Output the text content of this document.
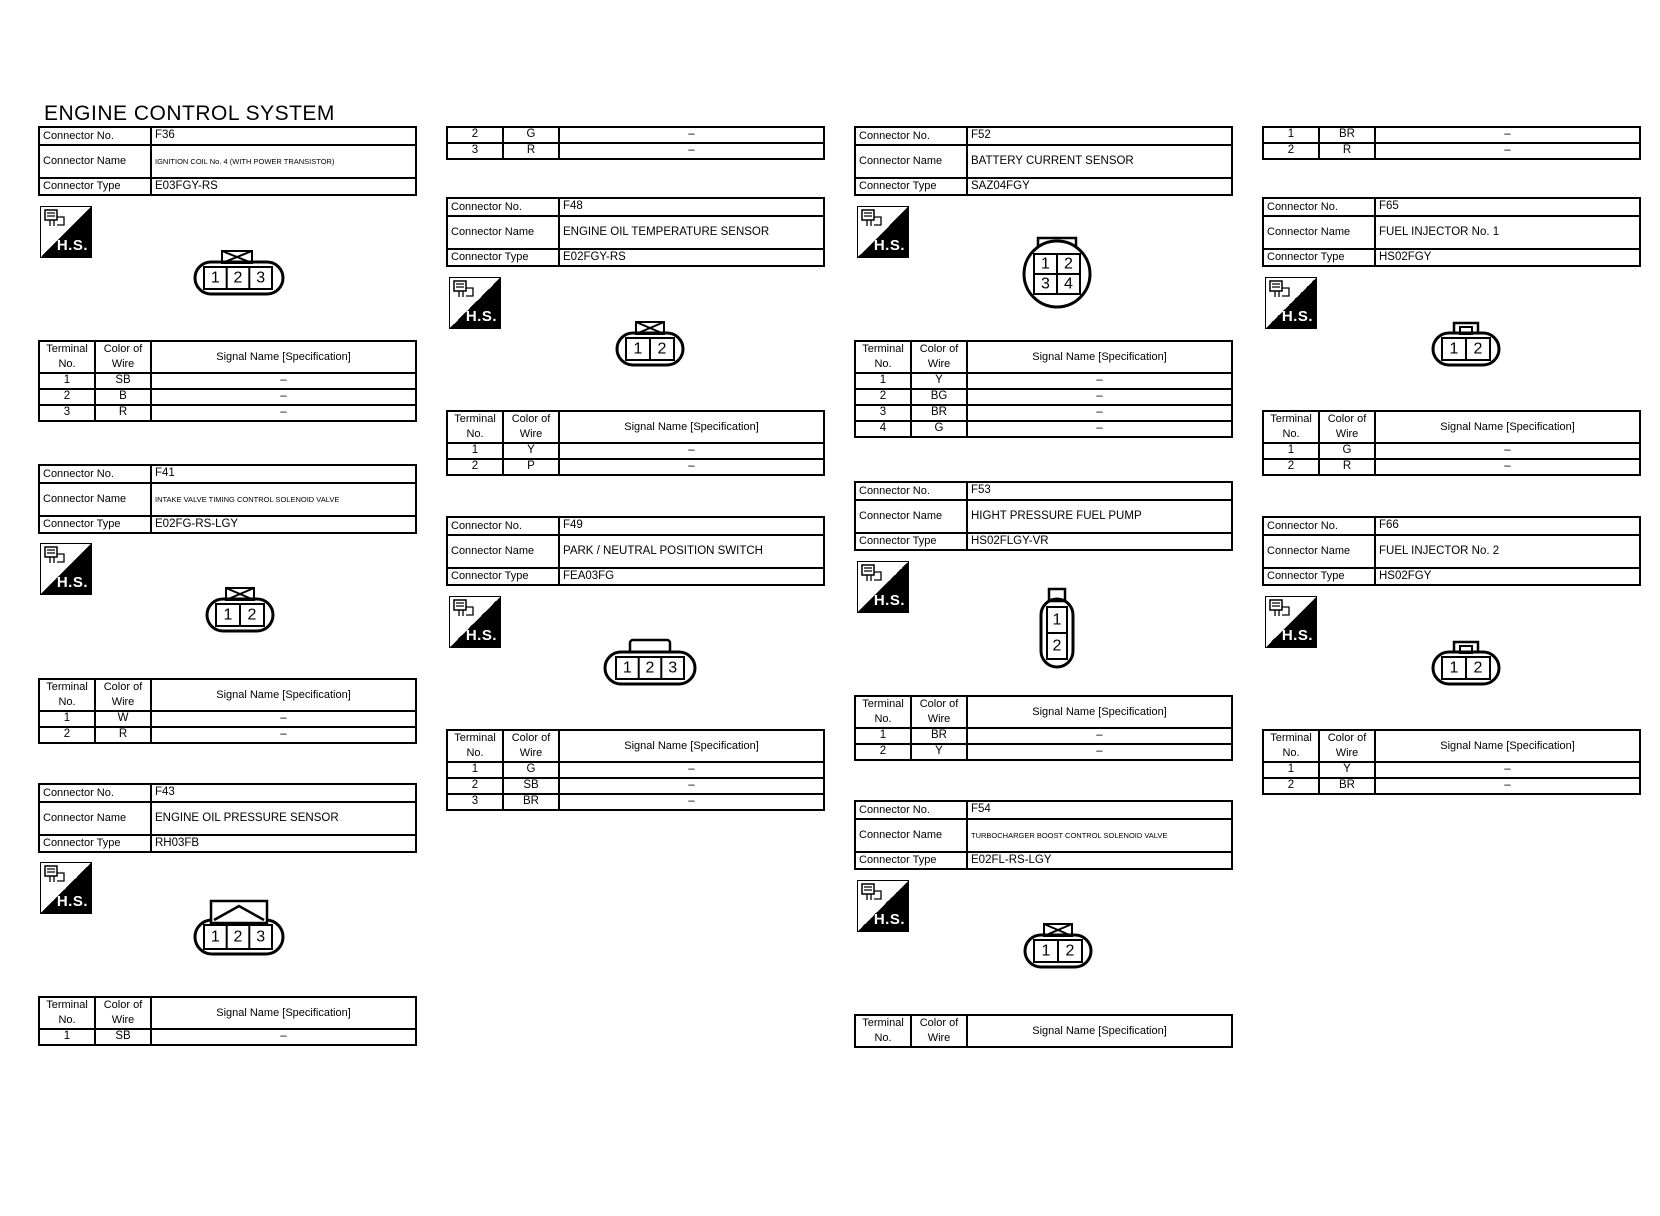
ENGINE CONTROL SYSTEM
Connector No.	F36
Connector Name	IGNITION COIL No. 4 (WITH POWER TRANSISTOR)
Connector Type	E03FGY-RS
H.S.
1 2 3
Terminal No.	Color of Wire	Signal Name [Specification]
1	SB	–
2	B	–
3	R	–
Connector No.	F41
Connector Name	INTAKE VALVE TIMING CONTROL SOLENOID VALVE
Connector Type	E02FG-RS-LGY
H.S.
1 2
Terminal No.	Color of Wire	Signal Name [Specification]
1	W	–
2	R	–
Connector No.	F43
Connector Name	ENGINE OIL PRESSURE SENSOR
Connector Type	RH03FB
H.S.
1 2 3
Terminal No.	Color of Wire	Signal Name [Specification]
1	SB	–
2	G	–
3	R	–
Connector No.	F48
Connector Name	ENGINE OIL TEMPERATURE SENSOR
Connector Type	E02FGY-RS
H.S.
1 2
Terminal No.	Color of Wire	Signal Name [Specification]
1	Y	–
2	P	–
Connector No.	F49
Connector Name	PARK / NEUTRAL POSITION SWITCH
Connector Type	FEA03FG
H.S.
1 2 3
Terminal No.	Color of Wire	Signal Name [Specification]
1	G	–
2	SB	–
3	BR	–
Connector No.	F52
Connector Name	BATTERY CURRENT SENSOR
Connector Type	SAZ04FGY
H.S.
1 2
3 4
Terminal No.	Color of Wire	Signal Name [Specification]
1	Y	–
2	BG	–
3	BR	–
4	G	–
Connector No.	F53
Connector Name	HIGHT PRESSURE FUEL PUMP
Connector Type	HS02FLGY-VR
H.S.
1
2
Terminal No.	Color of Wire	Signal Name [Specification]
1	BR	–
2	Y	–
Connector No.	F54
Connector Name	TURBOCHARGER BOOST CONTROL SOLENOID VALVE
Connector Type	E02FL-RS-LGY
H.S.
1 2
Terminal No.	Color of Wire	Signal Name [Specification]
1	BR	–
2	R	–
Connector No.	F65
Connector Name	FUEL INJECTOR No. 1
Connector Type	HS02FGY
H.S.
1 2
Terminal No.	Color of Wire	Signal Name [Specification]
1	G	–
2	R	–
Connector No.	F66
Connector Name	FUEL INJECTOR No. 2
Connector Type	HS02FGY
H.S.
1 2
Terminal No.	Color of Wire	Signal Name [Specification]
1	Y	–
2	BR	–
